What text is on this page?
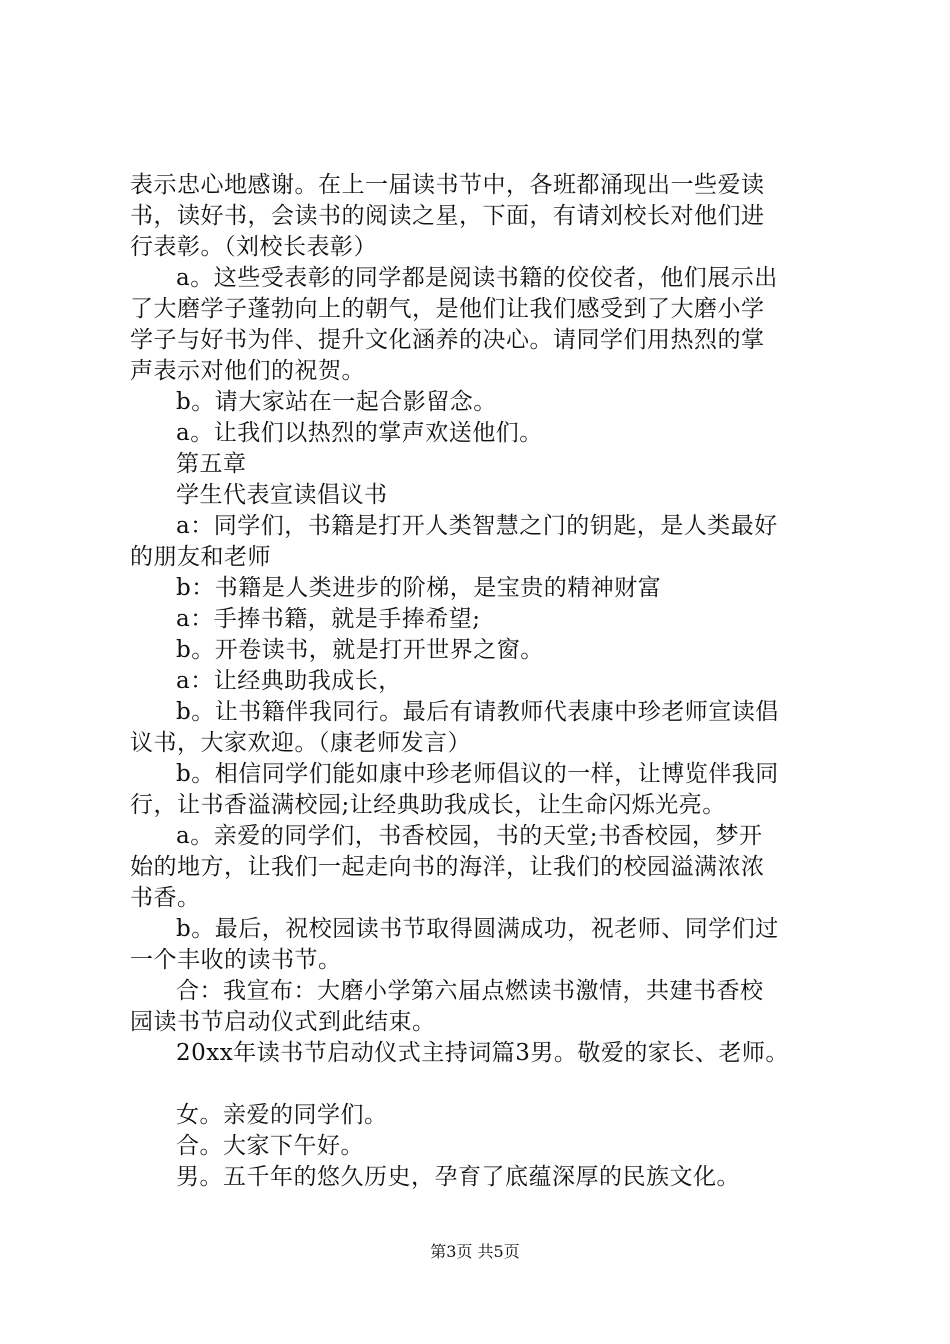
表示忠心地感谢。在上一届读书节中，各班都涌现出一些爱读
书，读好书，会读书的阅读之星，下面，有请刘校长对他们进
行表彰。（刘校长表彰）
a。这些受表彰的同学都是阅读书籍的佼佼者，他们展示出
了大磨学子蓬勃向上的朝气，是他们让我们感受到了大磨小学
学子与好书为伴、提升文化涵养的决心。请同学们用热烈的掌
声表示对他们的祝贺。
b。请大家站在一起合影留念。
a。让我们以热烈的掌声欢送他们。
第五章
学生代表宣读倡议书
a：同学们，书籍是打开人类智慧之门的钥匙，是人类最好
的朋友和老师
b：书籍是人类进步的阶梯，是宝贵的精神财富
a：手捧书籍，就是手捧希望;
b。开卷读书，就是打开世界之窗。
a：让经典助我成长，
b。让书籍伴我同行。最后有请教师代表康中珍老师宣读倡
议书，大家欢迎。（康老师发言）
b。相信同学们能如康中珍老师倡议的一样，让博览伴我同
行，让书香溢满校园;让经典助我成长，让生命闪烁光亮。
a。亲爱的同学们，书香校园，书的天堂;书香校园，梦开
始的地方，让我们一起走向书的海洋，让我们的校园溢满浓浓
书香。
b。最后，祝校园读书节取得圆满成功，祝老师、同学们过
一个丰收的读书节。
合：我宣布：大磨小学第六届点燃读书激情，共建书香校
园读书节启动仪式到此结束。
20xx年读书节启动仪式主持词篇3男。敬爱的家长、老师。
女。亲爱的同学们。
合。大家下午好。
男。五千年的悠久历史，孕育了底蕴深厚的民族文化。
第3页 共5页
